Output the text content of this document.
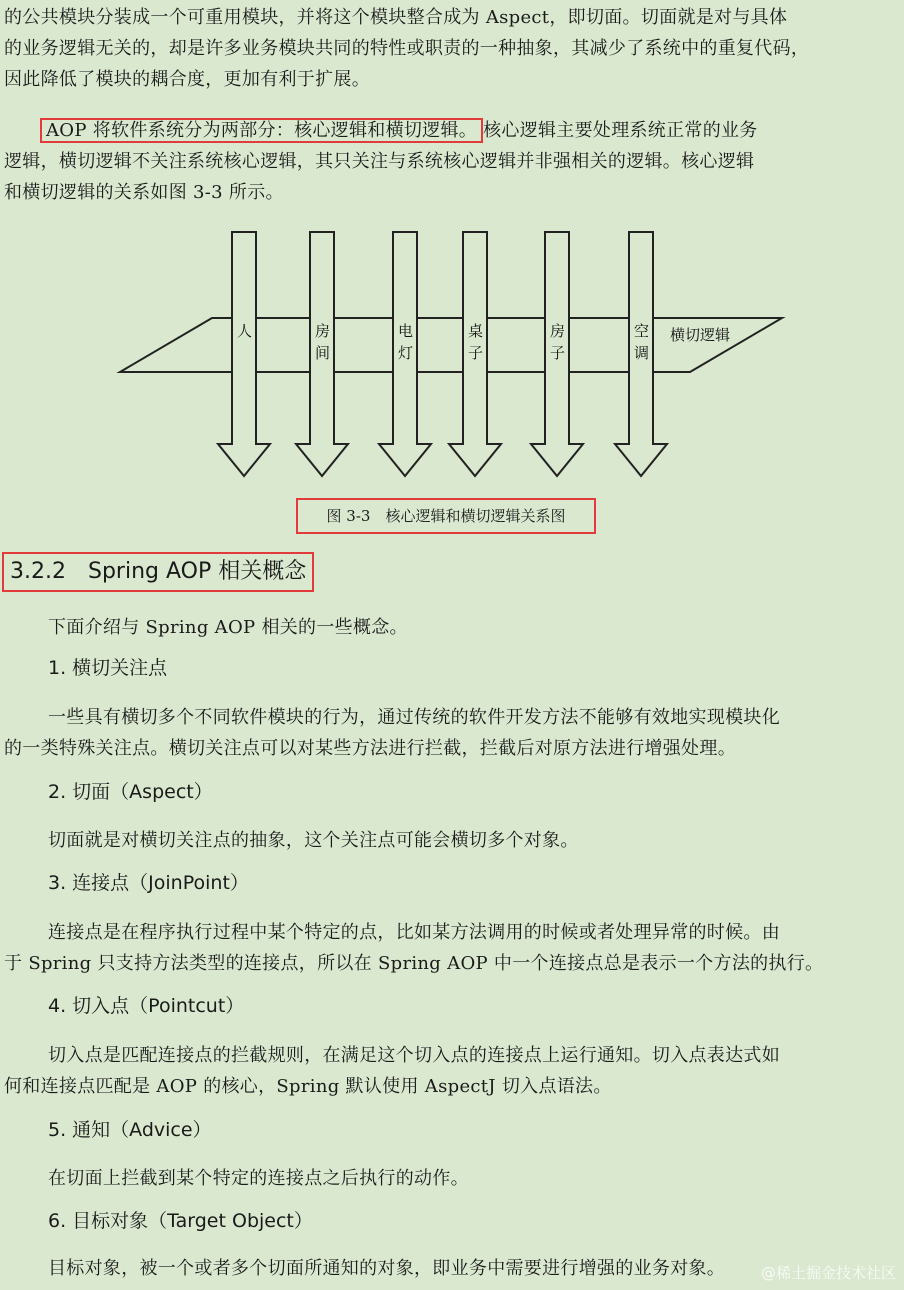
的公共模块分装成一个可重用模块，并将这个模块整合成为 Aspect，即切面。切面就是对与具体
的业务逻辑无关的，却是许多业务模块共同的特性或职责的一种抽象，其减少了系统中的重复代码，
因此降低了模块的耦合度，更加有利于扩展。
AOP 将软件系统分为两部分：核心逻辑和横切逻辑。 核心逻辑主要处理系统正常的业务
逻辑，横切逻辑不关注系统核心逻辑，其只关注与系统核心逻辑并非强相关的逻辑。核心逻辑
和横切逻辑的关系如图 3-3 所示。
人	房
间
电
灯
桌
子
房
子
空
调
横切逻辑
图 3-3　核心逻辑和横切逻辑关系图
3.2.2　Spring AOP 相关概念
下面介绍与 Spring AOP 相关的一些概念。
1. 横切关注点
一些具有横切多个不同软件模块的行为，通过传统的软件开发方法不能够有效地实现模块化
的一类特殊关注点。横切关注点可以对某些方法进行拦截，拦截后对原方法进行增强处理。
2. 切面（Aspect）
切面就是对横切关注点的抽象，这个关注点可能会横切多个对象。
3. 连接点（JoinPoint）
连接点是在程序执行过程中某个特定的点，比如某方法调用的时候或者处理异常的时候。由
于 Spring 只支持方法类型的连接点，所以在 Spring AOP 中一个连接点总是表示一个方法的执行。
4. 切入点（Pointcut）
切入点是匹配连接点的拦截规则，在满足这个切入点的连接点上运行通知。切入点表达式如
何和连接点匹配是 AOP 的核心，Spring 默认使用 AspectJ 切入点语法。
5. 通知（Advice）
在切面上拦截到某个特定的连接点之后执行的动作。
6. 目标对象（Target Object）
目标对象，被一个或者多个切面所通知的对象，即业务中需要进行增强的业务对象。	@稀土掘金技术社区
